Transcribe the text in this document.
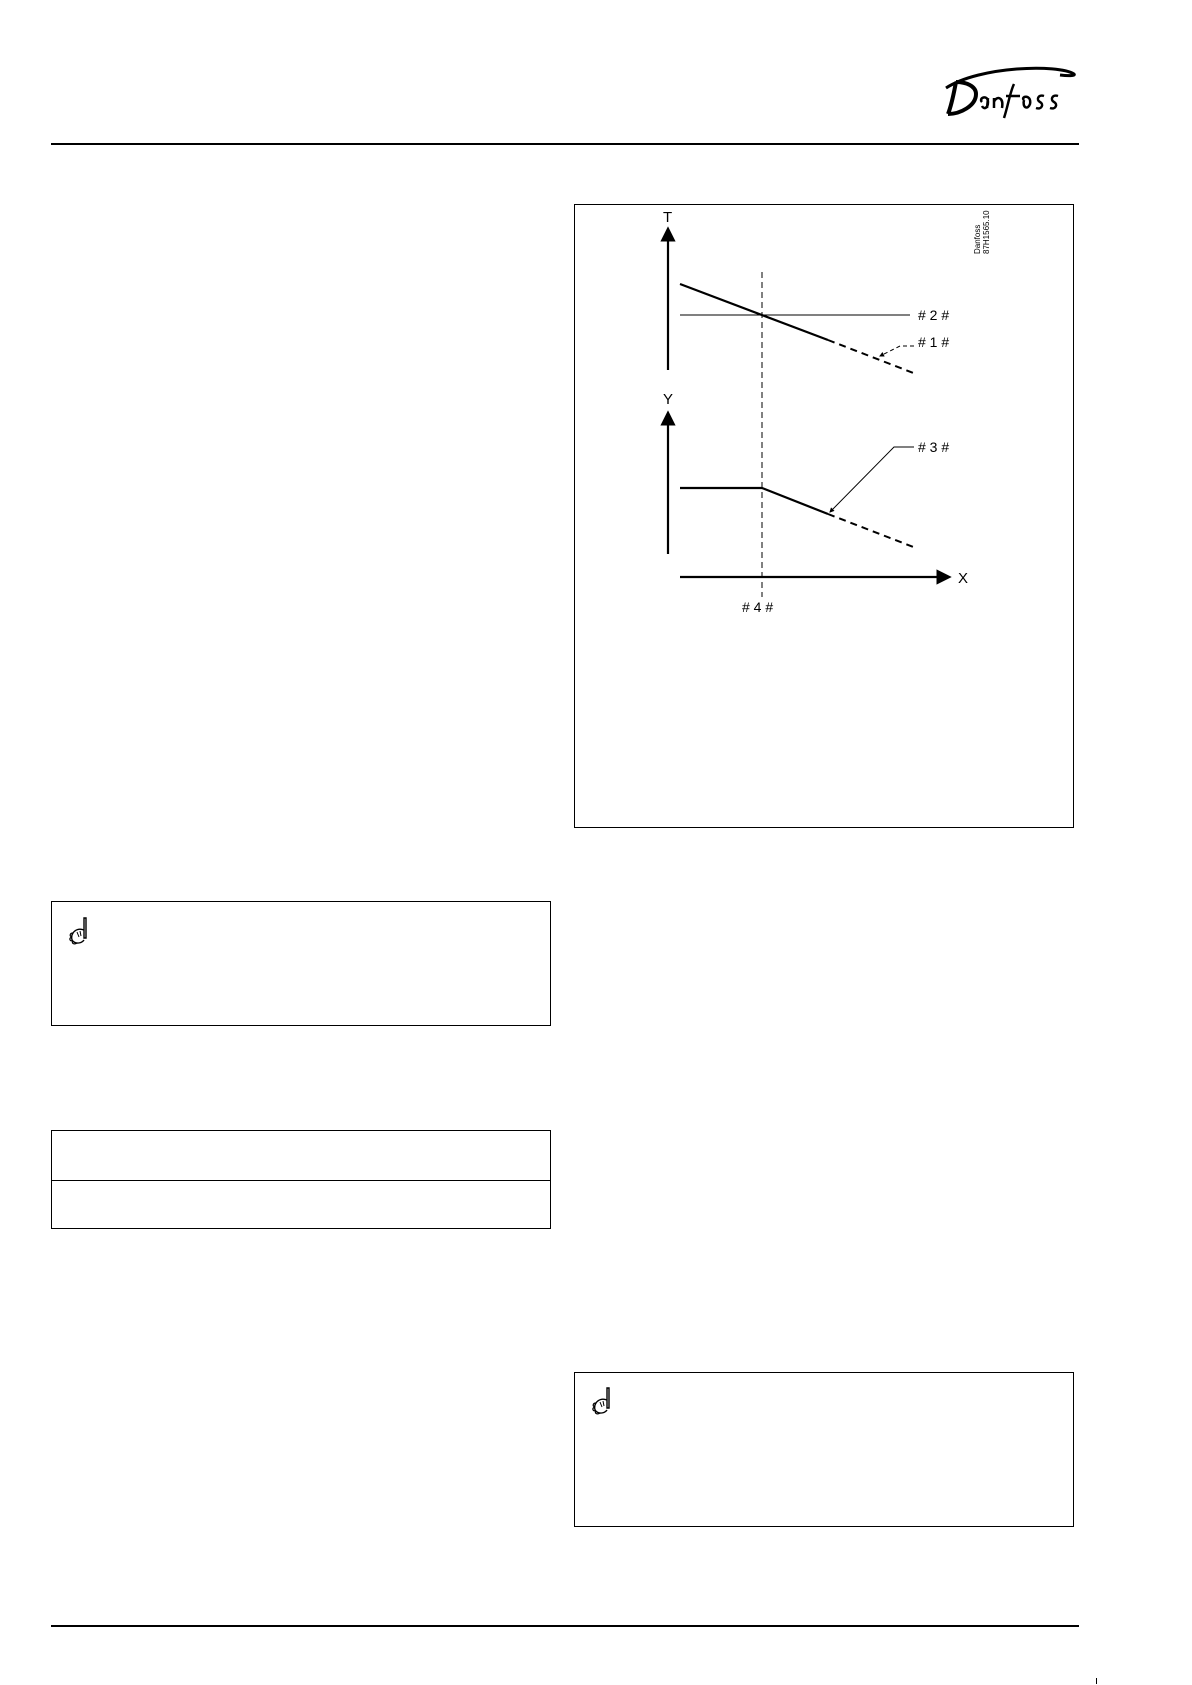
T
Y
X
# 2 #
# 1 #
# 3 #
# 4 #
Danfoss 87H1565.10
